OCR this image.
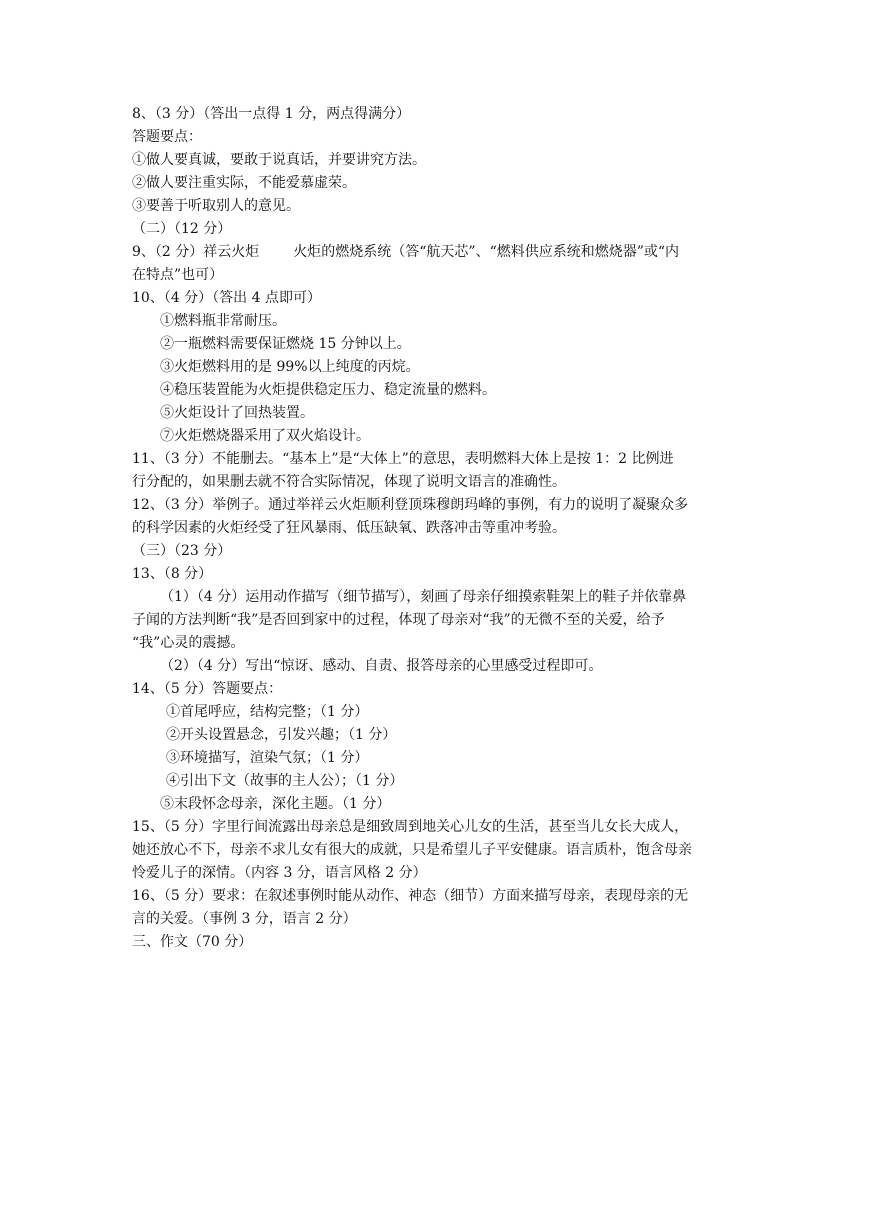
8、（3 分）（答出一点得 1 分，两点得满分）
答题要点：
①做人要真诚，要敢于说真话，并要讲究方法。
②做人要注重实际，不能爱慕虚荣。
③要善于听取别人的意见。
（二）（12 分）
9、（2 分）祥云火炬 火炬的燃烧系统（答“航天芯”、“燃料供应系统和燃烧器”或“内
在特点”也可）
10、（4 分）（答出 4 点即可）
①燃料瓶非常耐压。
②一瓶燃料需要保证燃烧 15 分钟以上。
③火炬燃料用的是 99%以上纯度的丙烷。
④稳压装置能为火炬提供稳定压力、稳定流量的燃料。
⑤火炬设计了回热装置。
⑦火炬燃烧器采用了双火焰设计。
11、（3 分）不能删去。“基本上”是“大体上”的意思，表明燃料大体上是按 1：2 比例进
行分配的，如果删去就不符合实际情况，体现了说明文语言的准确性。
12、（3 分）举例子。通过举祥云火炬顺利登顶珠穆朗玛峰的事例，有力的说明了凝聚众多
的科学因素的火炬经受了狂风暴雨、低压缺氧、跌落冲击等重冲考验。
（三）（23 分）
13、（8 分）
（1）（4 分）运用动作描写（细节描写），刻画了母亲仔细摸索鞋架上的鞋子并依靠鼻
子闻的方法判断“我”是否回到家中的过程，体现了母亲对“我”的无微不至的关爱，给予
“我”心灵的震撼。
（2）（4 分）写出“惊讶、感动、自责、报答母亲的心里感受过程即可。
14、（5 分）答题要点：
①首尾呼应，结构完整；（1 分）
②开头设置悬念，引发兴趣；（1 分）
③环境描写，渲染气氛；（1 分）
④引出下文（故事的主人公）；（1 分）
⑤末段怀念母亲，深化主题。（1 分）
15、（5 分）字里行间流露出母亲总是细致周到地关心儿女的生活，甚至当儿女长大成人，
她还放心不下，母亲不求儿女有很大的成就，只是希望儿子平安健康。语言质朴，饱含母亲
怜爱儿子的深情。（内容 3 分，语言风格 2 分）
16、（5 分）要求：在叙述事例时能从动作、神态（细节）方面来描写母亲，表现母亲的无
言的关爱。（事例 3 分，语言 2 分）
三、作文（70 分）
